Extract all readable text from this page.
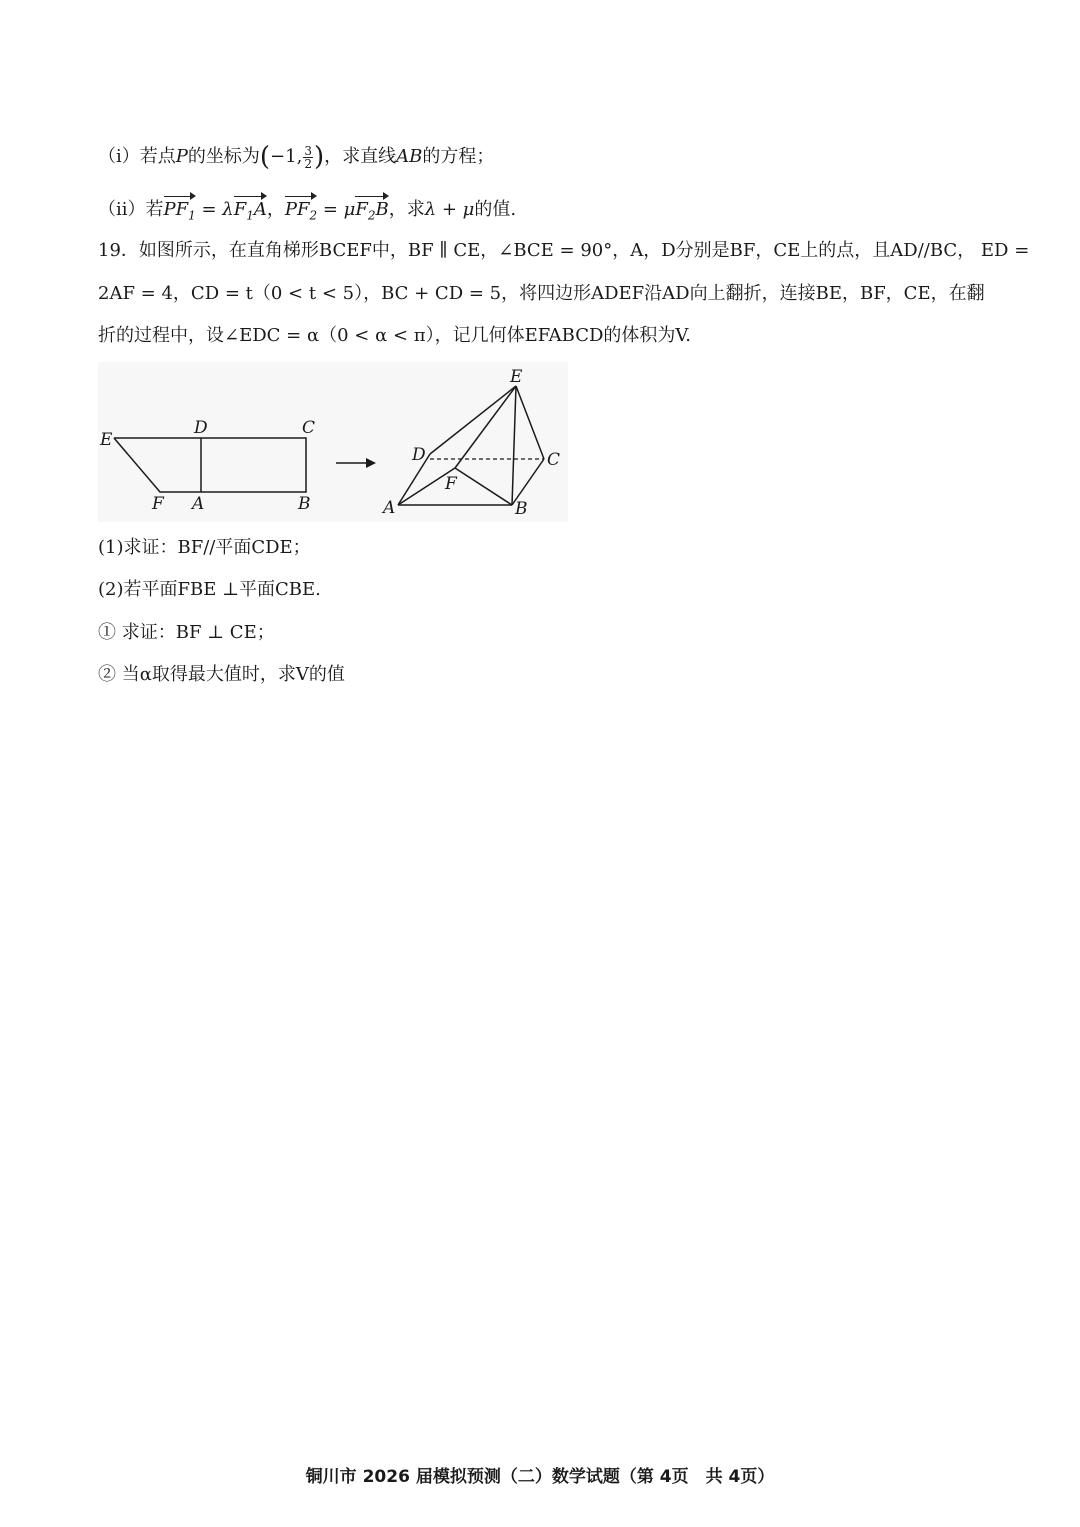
（i）若点P的坐标为(−1, $\frac{3}{2}$ )，求直线AB的方程；
（ii）若$PF_1 = \lambda F_1A$，$PF_2 = \mu F_2B$，求λ + μ的值.
19．如图所示，在直角梯形BCEF中，BF ∥ CE，∠BCE = 90°，A，D分别是BF，CE上的点，且AD//BC， ED =
2AF = 4，CD = t（0 < t < 5），BC + CD = 5，将四边形ADEF沿AD向上翻折，连接BE，BF，CE，在翻
折的过程中，设∠EDC = α（0 < α < π），记几何体EFABCD的体积为V.
E
D	C
F A	B
E
D	C
F
A	B
(1)求证：BF//平面CDE；
(2)若平面FBE ⊥平面CBE.
① 求证：BF ⊥ CE；
② 当α取得最大值时，求V的值
铜川市 2026 届模拟预测（二）数学试题（第 4页　共 4页）
